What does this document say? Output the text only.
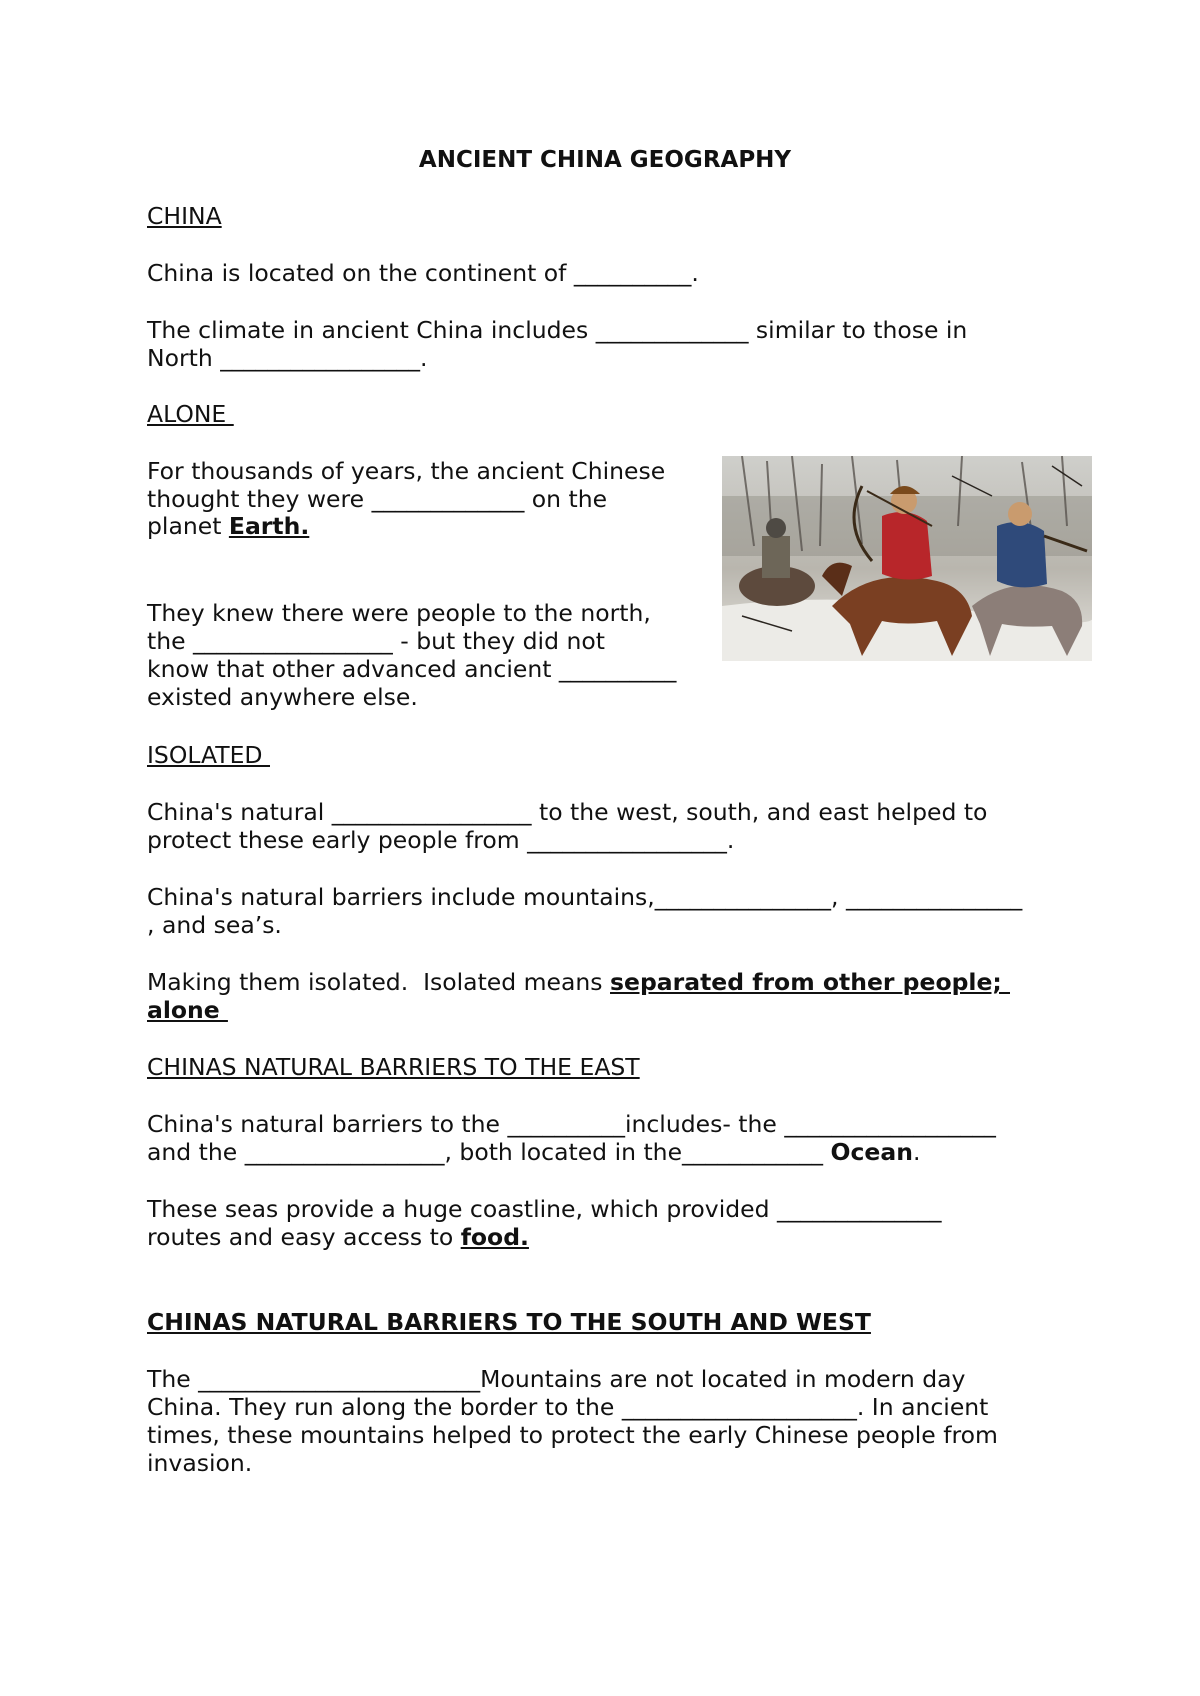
ANCIENT CHINA GEOGRAPHY

CHINA

China is located on the continent of __________.

The climate in ancient China includes _____________ similar to those in

North _________________.

ALONE

For thousands of years, the ancient Chinese

thought they were _____________ on the

planet Earth.

They knew there were people to the north,

the _________________ - but they did not

know that other advanced ancient __________

existed anywhere else.

ISOLATED

China's natural _________________ to the west, south, and east helped to

protect these early people from _________________.

China's natural barriers include mountains,_______________, _______________

, and sea’s.

Making them isolated.  Isolated means separated from other people;

alone

CHINAS NATURAL BARRIERS TO THE EAST

China's natural barriers to the __________includes- the __________________

and the _________________, both located in the____________ Ocean.

These seas provide a huge coastline, which provided ______________

routes and easy access to food.

CHINAS NATURAL BARRIERS TO THE SOUTH AND WEST

The ________________________Mountains are not located in modern day

China. They run along the border to the ____________________. In ancient

times, these mountains helped to protect the early Chinese people from

invasion.
